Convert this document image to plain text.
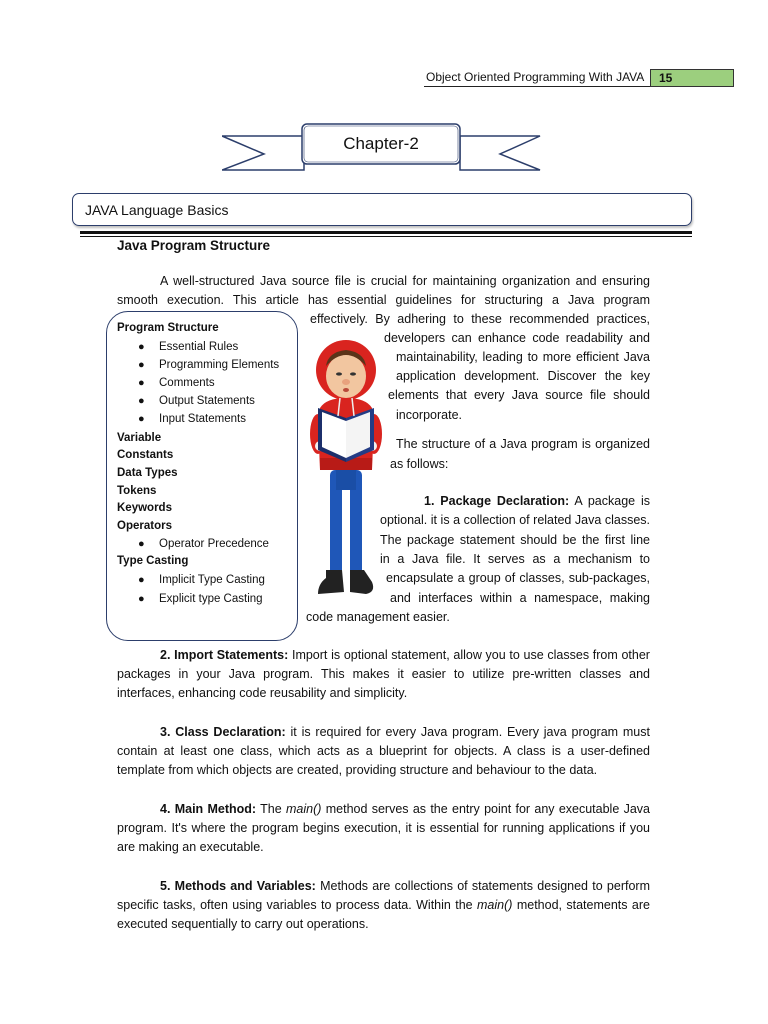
Object Oriented Programming With JAVA	15
Chapter-2
JAVA Language Basics
Java Program Structure
A well-structured Java source file is crucial for maintaining organization and ensuring
smooth execution. This article has essential guidelines for structuring a Java program
effectively. By adhering to these recommended practices,
developers can enhance code readability and
maintainability, leading to more efficient Java
application development. Discover the key
elements that every Java source file should
incorporate.
The structure of a Java program is organized
as follows:
1. Package Declaration: A package is
optional. it is a collection of related Java classes.
The package statement should be the first line
in a Java file. It serves as a mechanism to
encapsulate a group of classes, sub-packages,
and interfaces within a namespace, making
code management easier.
Program Structure
● Essential Rules
● Programming Elements
● Comments
● Output Statements
● Input Statements
Variable
Constants
Data Types
Tokens
Keywords
Operators
● Operator Precedence
Type Casting
● Implicit Type Casting
● Explicit type Casting
2. Import Statements: Import is optional statement, allow you to use classes from other packages in your Java program. This makes it easier to utilize pre-written classes and interfaces, enhancing code reusability and simplicity.
3. Class Declaration: it is required for every Java program. Every java program must contain at least one class, which acts as a blueprint for objects. A class is a user-defined template from which objects are created, providing structure and behaviour to the data.
4. Main Method: The main() method serves as the entry point for any executable Java program. It's where the program begins execution, it is essential for running applications if you are making an executable.
5. Methods and Variables: Methods are collections of statements designed to perform specific tasks, often using variables to process data. Within the main() method, statements are executed sequentially to carry out operations.
